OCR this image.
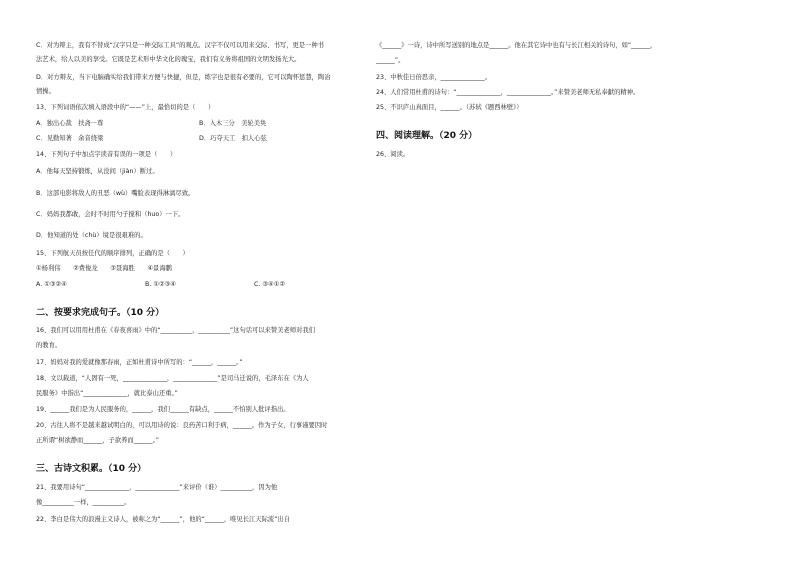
C．对为辩主，我有不替成“汉字只是一种交际工具”的观点。汉字不仅可以用来交际、书写，更是一种书
法艺术，给人以美的享受。它既是艺术形中华文化的瑰宝，我们有义务将祖国的文明发扬光大。
D．对方辩友，当下电脑确实给我们带来方便与快捷，但是，练字也是很有必要的，它可以陶怀惩慧，陶冶
情操。
13、下列词语依次填入语段中的“——”上，最恰切的是（　　）
A．独出心裁　扶斋一尊	B．入木三分　美轮美奂
C．见勤知著　余音绕梁	D．巧夺天工　扣人心弦
14、下列句子中加点字读音有误的一项是（　　）
A．他每天坚持锻炼，从没间（jiàn）断过。
B．这部电影将敌人的丑恶（wù）嘴脸表现得淋漓尽致。
C．妈妈我都敢，会时不时用勺子搅和（huo）一下。
D．他知道的处（chù）境是很艰难的。
15、下列航天员按任代的顺序排列，正确的是（　　）
①杨利伟　　②费俊龙　　③聂海胜　　④景海鹏
A. ①③②④	B. ①②③④	C. ③④①②
二、按要求完成句子。（10 分）
16、我们可以用用杜甫在《春夜喜雨》中的“__________，__________”这句话可以来赞美老师对我们
的教育。
17、妈妈对我的爱就像那春雨，正如杜甫诗中所写的：“______，______。”
18、文以载道，“人固有一死，______________，______________”是司马迁说的，毛泽东在《为人
民服务》中指出“______________，就比泰山还重。”
19、______我们是为人民服务的，______，我们______有缺点，______不怕别人批评指出。
20、古往人将不是越来越试明白的，可以用诗的说：良药苦口利于病，______。作为子女，行事谨要因时
正所谓“树欲静而______，子欲养而______。”
三、古诗文积累。（10 分）
21、我要用诗句“______________，______________”来评价（谁）__________，因为他
像__________一样，__________。
22、李白是伟大的浪漫主义诗人，被称之为“______”，他的“______，唯见长江天际流”出自
《______》一诗，诗中所写送别的地点是______。他在其它诗中也有与长江相关的诗句，如“______，
______”。
23、中秋佳日倍思亲，______________。
24、人们常用杜甫的诗句：“______________，______________。”来赞美老师无私奉献的精神。
25、不识庐山真面目，______。（苏轼《题西林壁》）
四、阅读理解。（20 分）
26、阅读。
